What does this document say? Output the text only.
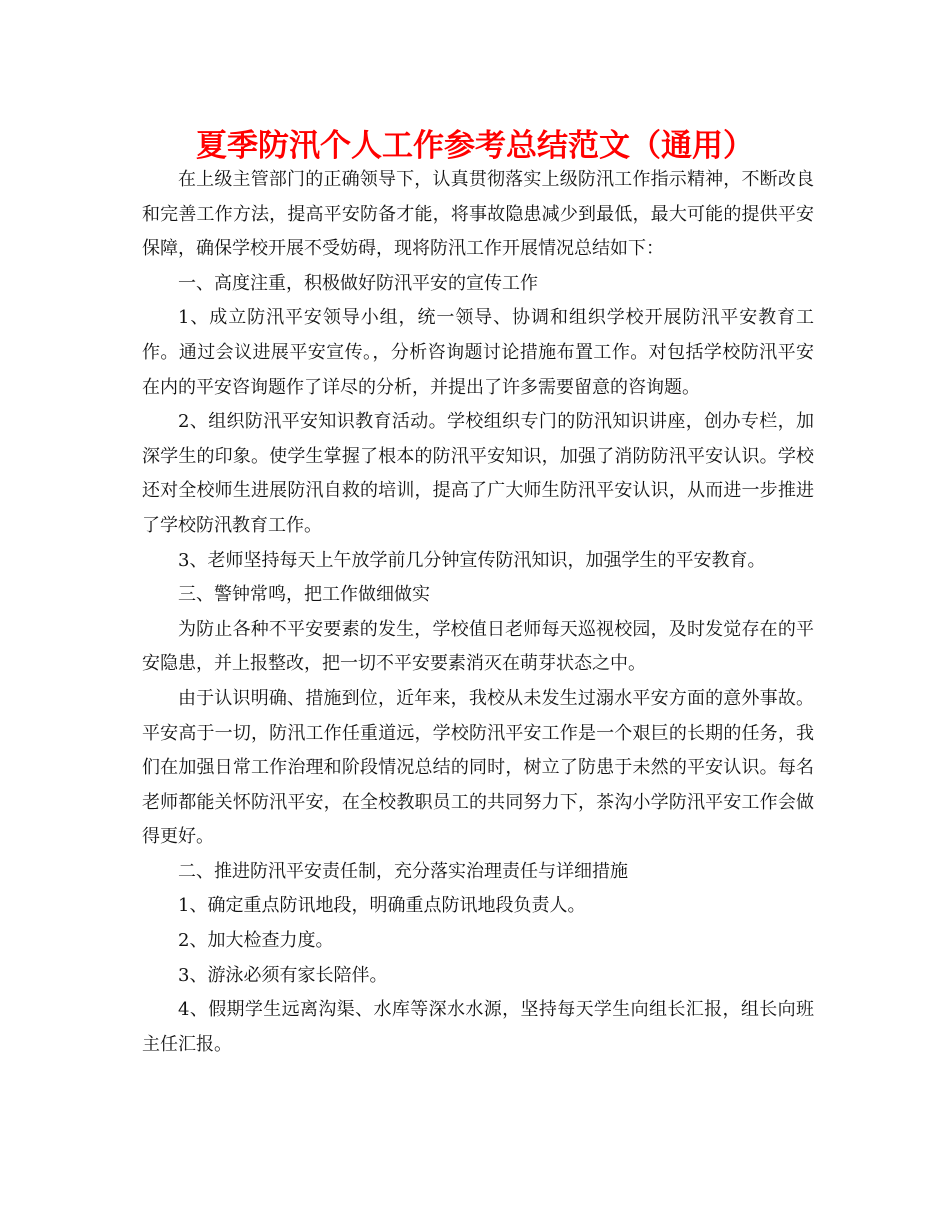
夏季防汛个人工作参考总结范文（通用）

在上级主管部门的正确领导下，认真贯彻落实上级防汛工作指示精神，不断改良和完善工作方法，提高平安防备才能，将事故隐患减少到最低，最大可能的提供平安保障，确保学校开展不受妨碍，现将防汛工作开展情况总结如下：

一、高度注重，积极做好防汛平安的宣传工作

1、成立防汛平安领导小组，统一领导、协调和组织学校开展防汛平安教育工作。通过会议进展平安宣传。，分析咨询题讨论措施布置工作。对包括学校防汛平安在内的平安咨询题作了详尽的分析，并提出了许多需要留意的咨询题。

2、组织防汛平安知识教育活动。学校组织专门的防汛知识讲座，创办专栏，加深学生的印象。使学生掌握了根本的防汛平安知识，加强了消防防汛平安认识。学校还对全校师生进展防汛自救的培训，提高了广大师生防汛平安认识，从而进一步推进了学校防汛教育工作。

3、老师坚持每天上午放学前几分钟宣传防汛知识，加强学生的平安教育。

三、警钟常鸣，把工作做细做实

为防止各种不平安要素的发生，学校值日老师每天巡视校园，及时发觉存在的平安隐患，并上报整改，把一切不平安要素消灭在萌芽状态之中。

由于认识明确、措施到位，近年来，我校从未发生过溺水平安方面的意外事故。平安高于一切，防汛工作任重道远，学校防汛平安工作是一个艰巨的长期的任务，我们在加强日常工作治理和阶段情况总结的同时，树立了防患于未然的平安认识。每名老师都能关怀防汛平安，在全校教职员工的共同努力下，茶沟小学防汛平安工作会做得更好。

二、推进防汛平安责任制，充分落实治理责任与详细措施

1、确定重点防讯地段，明确重点防讯地段负责人。

2、加大检查力度。

3、游泳必须有家长陪伴。

4、假期学生远离沟渠、水库等深水水源，坚持每天学生向组长汇报，组长向班主任汇报。
